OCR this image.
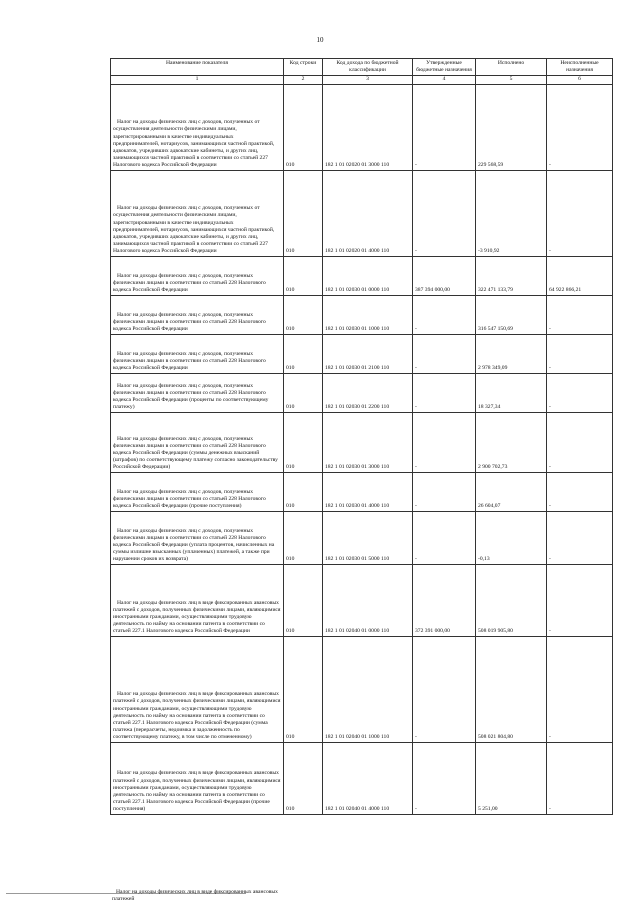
10
Наименование показателя	Код строки	Код дохода по бюджетной классификации	Утвержденные бюджетные назначения	Исполнено	Неисполненные назначения
1	2	3	4	5	6

Налог на доходы физических лиц с доходов, полученных от осуществления деятельности физическими лицами, зарегистрированными в качестве индивидуальных предпринимателей, нотариусов, занимающихся частной практикой, адвокатов, учредивших адвокатские кабинеты, и других лиц, занимающихся частной практикой в соответствии со статьей 227 Налогового кодекса Российской Федерации	010	182 1 01 02020 01 3000 110	-	229 568,59	-

Налог на доходы физических лиц с доходов, полученных от осуществления деятельности физическими лицами, зарегистрированными в качестве индивидуальных предпринимателей, нотариусов, занимающихся частной практикой, адвокатов, учредивших адвокатские кабинеты, и других лиц, занимающихся частной практикой в соответствии со статьей 227 Налогового кодекса Российской Федерации	010	182 1 01 02020 01 4000 110	-	-3 910,92	-

Налог на доходы физических лиц с доходов, полученных физическими лицами в соответствии со статьей 228 Налогового кодекса Российской Федерации	010	182 1 01 02030 01 0000 110	387 394 000,00	322 471 133,79	64 922 866,21

Налог на доходы физических лиц с доходов, полученных физическими лицами в соответствии со статьей 228 Налогового кодекса Российской Федерации	010	182 1 01 02030 01 1000 110	-	316 547 150,69	-

Налог на доходы физических лиц с доходов, полученных физическими лицами в соответствии со статьей 228 Налогового кодекса Российской Федерации	010	182 1 01 02030 01 2100 110	-	2 978 349,09	-

Налог на доходы физических лиц с доходов, полученных физическими лицами в соответствии со статьей 228 Налогового кодекса Российской Федерации (проценты по соответствующему платежу)	010	182 1 01 02030 01 2200 110	-	18 327,34	-

Налог на доходы физических лиц с доходов, полученных физическими лицами в соответствии со статьей 228 Налогового кодекса Российской Федерации (суммы денежных взысканий (штрафов) по соответствующему платежу согласно законодательству Российской Федерации)	010	182 1 01 02030 01 3000 110	-	2 900 702,73	-

Налог на доходы физических лиц с доходов, полученных физическими лицами в соответствии со статьей 228 Налогового кодекса Российской Федерации (прочие поступления)	010	182 1 01 02030 01 4000 110	-	26 604,07	-

Налог на доходы физических лиц с доходов, полученных физическими лицами в соответствии со статьей 228 Налогового кодекса Российской Федерации (уплата процентов, начисленных на суммы излишне взысканных (уплаченных) платежей, а также при нарушении сроков их возврата)	010	182 1 01 02030 01 5000 110	-	-0,13	-

Налог на доходы физических лиц в виде фиксированных авансовых платежей с доходов, полученных физическими лицами, являющимися иностранными гражданами, осуществляющими трудовую деятельность по найму на основании патента в соответствии со статьей 227.1 Налогового кодекса Российской Федерации	010	182 1 01 02040 01 0000 110	372 391 000,00	508 019 905,80	-

Налог на доходы физических лиц в виде фиксированных авансовых платежей с доходов, полученных физическими лицами, являющимися иностранными гражданами, осуществляющими трудовую деятельность по найму на основании патента в соответствии со статьей 227.1 Налогового кодекса Российской Федерации (сумма платежа (перерасчеты, недоимка и задолженность по соответствующему платежу, в том числе по отмененному)	010	182 1 01 02040 01 1000 110	-	508 021 804,80	-

Налог на доходы физических лиц в виде фиксированных авансовых платежей с доходов, полученных физическими лицами, являющимися иностранными гражданами, осуществляющими трудовую деятельность по найму на основании патента в соответствии со статьей 227.1 Налогового кодекса Российской Федерации (прочие поступления)	010	182 1 01 02040 01 4000 110	-	5 251,00	-
Налог на доходы физических лиц в виде фиксированных авансовых платежей
